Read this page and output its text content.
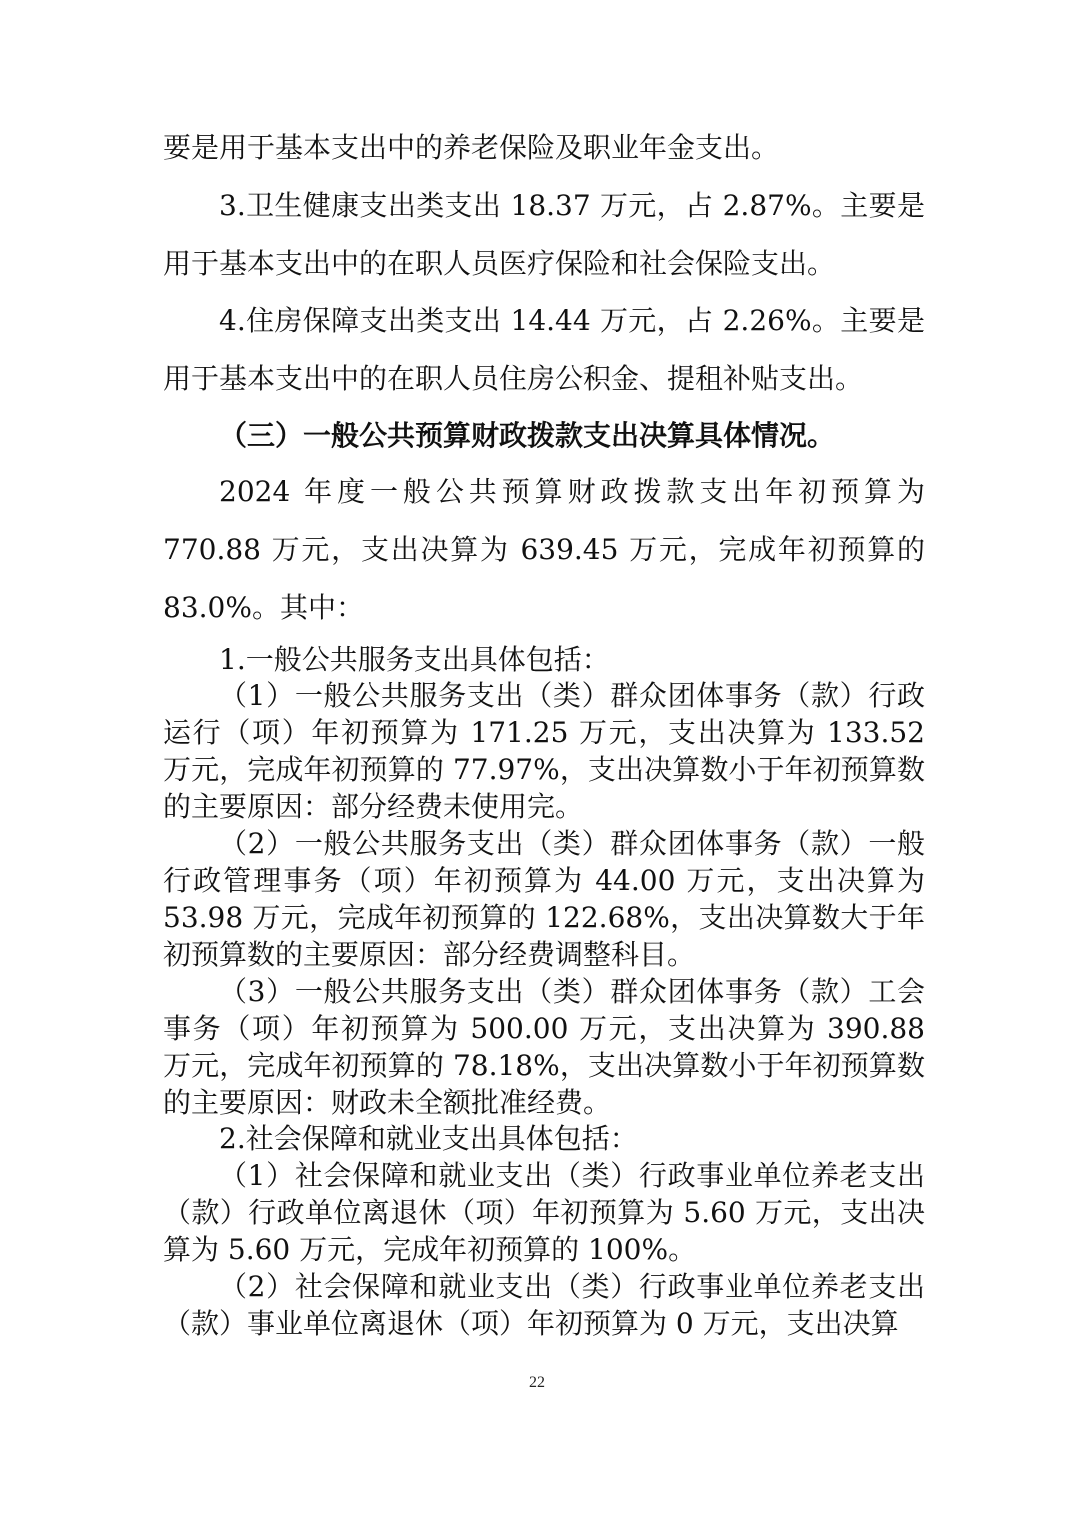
要是用于基本支出中的养老保险及职业年金支出。

3.卫生健康支出类支出 18.37 万元，占 2.87%。主要是用于基本支出中的在职人员医疗保险和社会保险支出。

4.住房保障支出类支出 14.44 万元，占 2.26%。主要是用于基本支出中的在职人员住房公积金、提租补贴支出。

（三）一般公共预算财政拨款支出决算具体情况。

2024 年度一般公共预算财政拨款支出年初预算为 770.88 万元，支出决算为 639.45 万元，完成年初预算的 83.0%。其中：

1.一般公共服务支出具体包括：

（1）一般公共服务支出（类）群众团体事务（款）行政运行（项）年初预算为 171.25 万元，支出决算为 133.52 万元，完成年初预算的 77.97%，支出决算数小于年初预算数的主要原因：部分经费未使用完。

（2）一般公共服务支出（类）群众团体事务（款）一般行政管理事务（项）年初预算为 44.00 万元，支出决算为 53.98 万元，完成年初预算的 122.68%，支出决算数大于年初预算数的主要原因：部分经费调整科目。

（3）一般公共服务支出（类）群众团体事务（款）工会事务（项）年初预算为 500.00 万元，支出决算为 390.88 万元，完成年初预算的 78.18%，支出决算数小于年初预算数的主要原因：财政未全额批准经费。

2.社会保障和就业支出具体包括：

（1）社会保障和就业支出（类）行政事业单位养老支出（款）行政单位离退休（项）年初预算为 5.60 万元，支出决算为 5.60 万元，完成年初预算的 100%。

（2）社会保障和就业支出（类）行政事业单位养老支出（款）事业单位离退休（项）年初预算为 0 万元，支出决算

22
